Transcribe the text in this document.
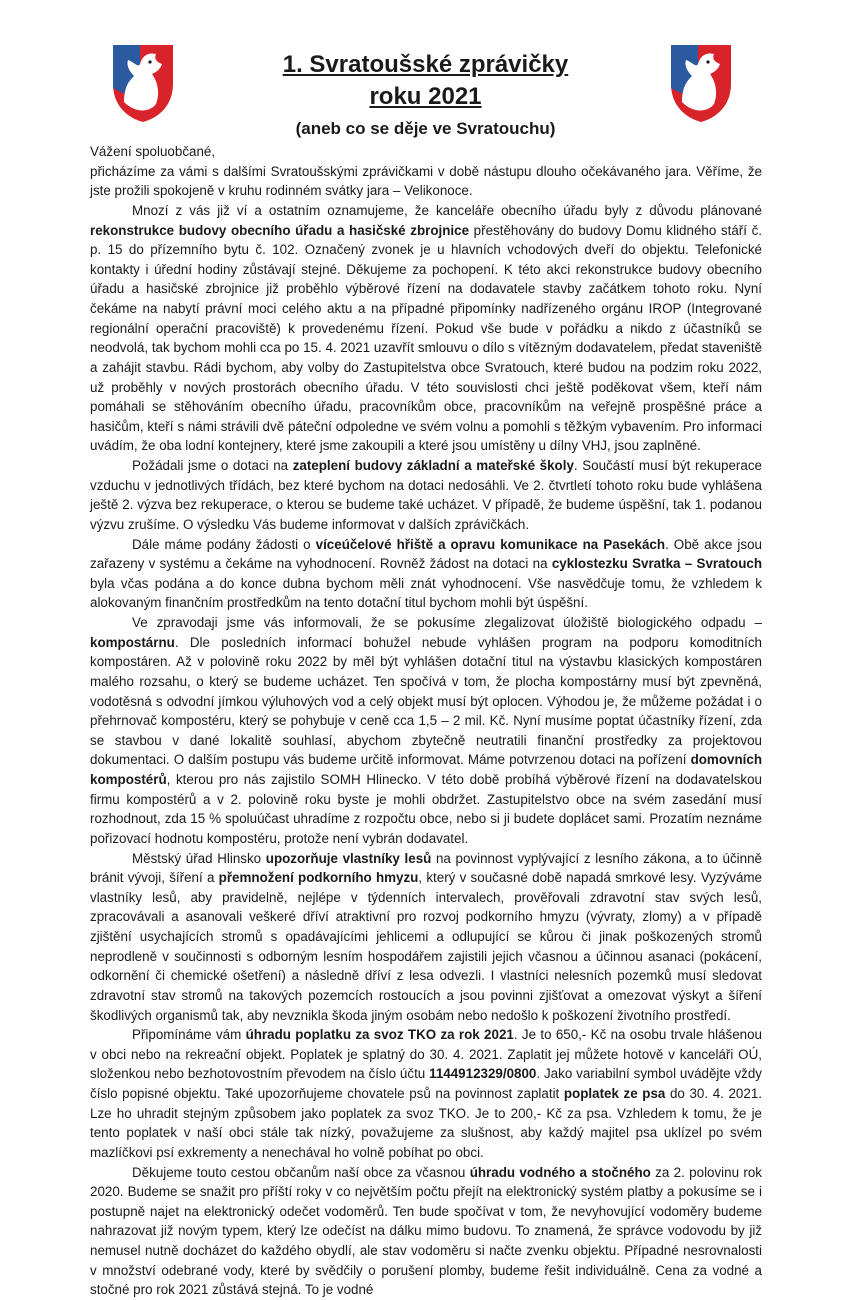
1. Svratoušské zprávičky
roku 2021
(aneb co se děje ve Svratouchu)

Vážení spoluobčané,

přicházíme za vámi s dalšími Svratoušskými zprávičkami v době nástupu dlouho očekávaného jara. Věříme, že jste prožili spokojeně v kruhu rodinném svátky jara – Velikonoce.

Mnozí z vás již ví a ostatním oznamujeme, že kanceláře obecního úřadu byly z důvodu plánované rekonstrukce budovy obecního úřadu a hasičské zbrojnice přestěhovány do budovy Domu klidného stáří č. p. 15 do přízemního bytu č. 102. Označený zvonek je u hlavních vchodových dveří do objektu. Telefonické kontakty i úřední hodiny zůstávají stejné. Děkujeme za pochopení. K této akci rekonstrukce budovy obecního úřadu a hasičské zbrojnice již proběhlo výběrové řízení na dodavatele stavby začátkem tohoto roku. Nyní čekáme na nabytí právní moci celého aktu a na případné připomínky nadřízeného orgánu IROP (Integrované regionální operační pracoviště) k provedenému řízení. Pokud vše bude v pořádku a nikdo z účastníků se neodvolá, tak bychom mohli cca po 15. 4. 2021 uzavřít smlouvu o dílo s vítězným dodavatelem, předat staveniště a zahájit stavbu. Rádi bychom, aby volby do Zastupitelstva obce Svratouch, které budou na podzim roku 2022, už proběhly v nových prostorách obecního úřadu. V této souvislosti chci ještě poděkovat všem, kteří nám pomáhali se stěhováním obecního úřadu, pracovníkům obce, pracovníkům na veřejně prospěšné práce a hasičům, kteří s námi strávili dvě páteční odpoledne ve svém volnu a pomohli s těžkým vybavením. Pro informaci uvádím, že oba lodní kontejnery, které jsme zakoupili a které jsou umístěny u dílny VHJ, jsou zaplněné.

Požádali jsme o dotaci na zateplení budovy základní a mateřské školy. Součástí musí být rekuperace vzduchu v jednotlivých třídách, bez které bychom na dotaci nedosáhli. Ve 2. čtvrtletí tohoto roku bude vyhlášena ještě 2. výzva bez rekuperace, o kterou se budeme také ucházet. V případě, že budeme úspěšní, tak 1. podanou výzvu zrušíme. O výsledku Vás budeme informovat v dalších zprávičkách.

Dále máme podány žádosti o víceúčelové hřiště a opravu komunikace na Pasekách. Obě akce jsou zařazeny v systému a čekáme na vyhodnocení. Rovněž žádost na dotaci na cyklostezku Svratka – Svratouch byla včas podána a do konce dubna bychom měli znát vyhodnocení. Vše nasvědčuje tomu, že vzhledem k alokovaným finančním prostředkům na tento dotační titul bychom mohli být úspěšní.

Ve zpravodaji jsme vás informovali, že se pokusíme zlegalizovat úložiště biologického odpadu – kompostárnu. Dle posledních informací bohužel nebude vyhlášen program na podporu komoditních kompostáren. Až v polovině roku 2022 by měl být vyhlášen dotační titul na výstavbu klasických kompostáren malého rozsahu, o který se budeme ucházet. Ten spočívá v tom, že plocha kompostárny musí být zpevněná, vodotěsná s odvodní jímkou výluhových vod a celý objekt musí být oplocen. Výhodou je, že můžeme požádat i o přehrnovač kompostéru, který se pohybuje v ceně cca 1,5 – 2 mil. Kč. Nyní musíme poptat účastníky řízení, zda se stavbou v dané lokalitě souhlasí, abychom zbytečně neutratili finanční prostředky za projektovou dokumentaci. O dalším postupu vás budeme určitě informovat. Máme potvrzenou dotaci na pořízení domovních kompostérů, kterou pro nás zajistilo SOMH Hlinecko. V této době probíhá výběrové řízení na dodavatelskou firmu kompostérů a v 2. polovině roku byste je mohli obdržet. Zastupitelstvo obce na svém zasedání musí rozhodnout, zda 15 % spoluúčast uhradíme z rozpočtu obce, nebo si ji budete doplácet sami. Prozatím neznáme pořizovací hodnotu kompostéru, protože není vybrán dodavatel.

Městský úřad Hlinsko upozorňuje vlastníky lesů na povinnost vyplývající z lesního zákona, a to účinně bránit vývoji, šíření a přemnožení podkorního hmyzu, který v současné době napadá smrkové lesy. Vyzýváme vlastníky lesů, aby pravidelně, nejlépe v týdenních intervalech, prověřovali zdravotní stav svých lesů, zpracovávali a asanovali veškeré dříví atraktivní pro rozvoj podkorního hmyzu (vývraty, zlomy) a v případě zjištění usychajících stromů s opadávajícími jehlicemi a odlupující se kůrou či jinak poškozených stromů neprodleně v součinnosti s odborným lesním hospodářem zajistili jejich včasnou a účinnou asanaci (pokácení, odkornění či chemické ošetření) a následně dříví z lesa odvezli. I vlastníci nelesních pozemků musí sledovat zdravotní stav stromů na takových pozemcích rostoucích a jsou povinni zjišťovat a omezovat výskyt a šíření škodlivých organismů tak, aby nevznikla škoda jiným osobám nebo nedošlo k poškození životního prostředí.

Připomínáme vám úhradu poplatku za svoz TKO za rok 2021. Je to 650,- Kč na osobu trvale hlášenou v obci nebo na rekreační objekt. Poplatek je splatný do 30. 4. 2021. Zaplatit jej můžete hotově v kanceláři OÚ, složenkou nebo bezhotovostním převodem na číslo účtu 1144912329/0800. Jako variabilní symbol uvádějte vždy číslo popisné objektu. Také upozorňujeme chovatele psů na povinnost zaplatit poplatek ze psa do 30. 4. 2021. Lze ho uhradit stejným způsobem jako poplatek za svoz TKO. Je to 200,- Kč za psa. Vzhledem k tomu, že je tento poplatek v naší obci stále tak nízký, považujeme za slušnost, aby každý majitel psa uklízel po svém mazlíčkovi psí exkrementy a nenechával ho volně pobíhat po obci.

Děkujeme touto cestou občanům naší obce za včasnou úhradu vodného a stočného za 2. polovinu rok 2020. Budeme se snažit pro příští roky v co největším počtu přejít na elektronický systém platby a pokusíme se i postupně najet na elektronický odečet vodoměrů. Ten bude spočívat v tom, že nevyhovující vodoměry budeme nahrazovat již novým typem, který lze odečíst na dálku mimo budovu. To znamená, že správce vodovodu by již nemusel nutně docházet do každého obydlí, ale stav vodoměru si načte zvenku objektu. Případné nesrovnalosti v množství odebrané vody, které by svědčily o porušení plomby, budeme řešit individuálně. Cena za vodné a stočné pro rok 2021 zůstává stejná. To je vodné
